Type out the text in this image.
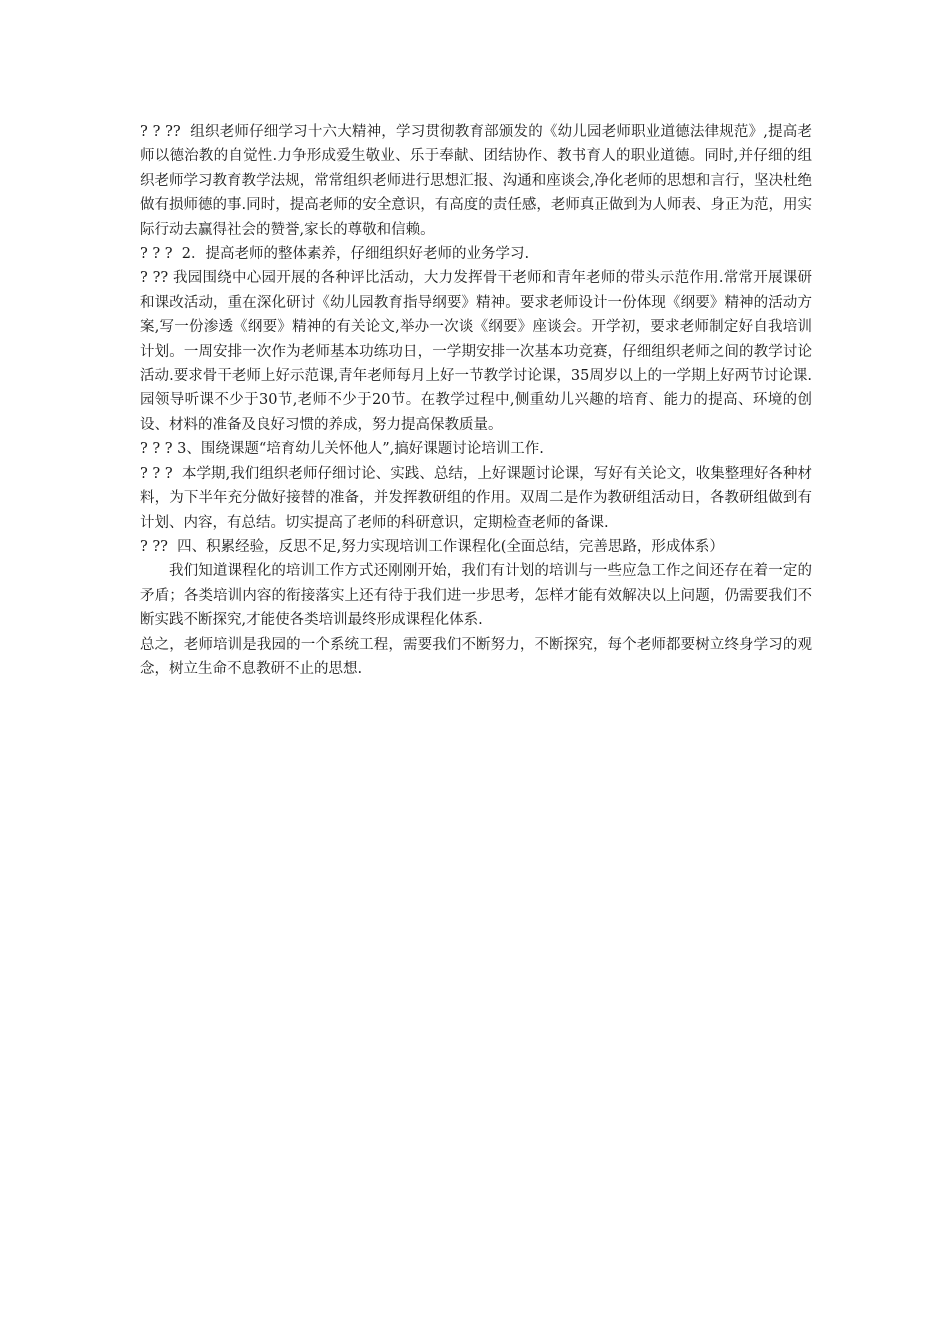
? ? ??  组织老师仔细学习十六大精神，学习贯彻教育部颁发的《幼儿园老师职业道德法律规范》,提高老师以德治教的自觉性.力争形成爱生敬业、乐于奉献、团结协作、教书育人的职业道德。同时,并仔细的组织老师学习教育教学法规，常常组织老师进行思想汇报、沟通和座谈会,净化老师的思想和言行，坚决杜绝做有损师德的事.同时，提高老师的安全意识，有高度的责任感，老师真正做到为人师表、身正为范，用实际行动去赢得社会的赞誉,家长的尊敬和信赖。

? ? ?  2．提高老师的整体素养，仔细组织好老师的业务学习.

? ?? 我园围绕中心园开展的各种评比活动，大力发挥骨干老师和青年老师的带头示范作用.常常开展课研和课改活动，重在深化研讨《幼儿园教育指导纲要》精神。要求老师设计一份体现《纲要》精神的活动方案,写一份渗透《纲要》精神的有关论文,举办一次谈《纲要》座谈会。开学初，要求老师制定好自我培训计划。一周安排一次作为老师基本功练功日，一学期安排一次基本功竞赛，仔细组织老师之间的教学讨论活动.要求骨干老师上好示范课,青年老师每月上好一节教学讨论课，35周岁以上的一学期上好两节讨论课.园领导听课不少于30节,老师不少于20节。在教学过程中,侧重幼儿兴趣的培育、能力的提高、环境的创设、材料的准备及良好习惯的养成，努力提高保教质量。

? ? ? 3、围绕课题“培育幼儿关怀他人”,搞好课题讨论培训工作.

? ? ?  本学期,我们组织老师仔细讨论、实践、总结，上好课题讨论课，写好有关论文，收集整理好各种材料，为下半年充分做好接替的准备，并发挥教研组的作用。双周二是作为教研组活动日，各教研组做到有计划、内容，有总结。切实提高了老师的科研意识，定期检查老师的备课.

? ??  四、积累经验，反思不足,努力实现培训工作课程化(全面总结，完善思路，形成体系）

我们知道课程化的培训工作方式还刚刚开始，我们有计划的培训与一些应急工作之间还存在着一定的矛盾；各类培训内容的衔接落实上还有待于我们进一步思考，怎样才能有效解决以上问题，仍需要我们不断实践不断探究,才能使各类培训最终形成课程化体系.

总之，老师培训是我园的一个系统工程，需要我们不断努力，不断探究，每个老师都要树立终身学习的观念，树立生命不息教研不止的思想.
